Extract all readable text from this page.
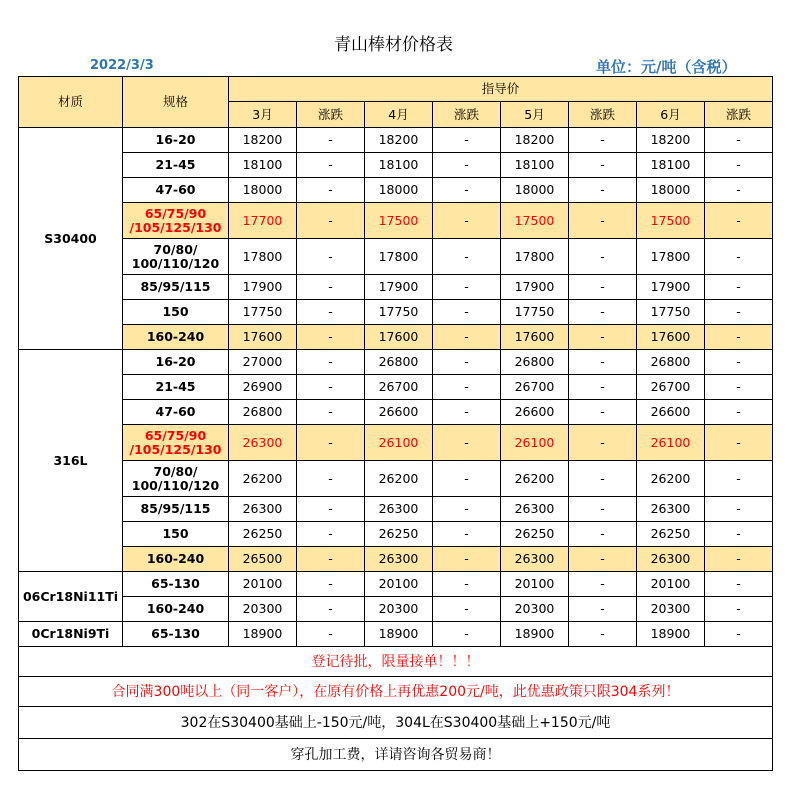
青山棒材价格表
2022/3/3	单位：元/吨（含税）
材质	规格	指导价							
		3月	涨跌	4月	涨跌	5月	涨跌	6月	涨跌
S30400	16-20	18200	-	18200	-	18200	-	18200	-
	21-45	18100	-	18100	-	18100	-	18100	-
	47-60	18000	-	18000	-	18000	-	18000	-
	65/75/90 /105/125/130	17700	-	17500	-	17500	-	17500	-
	70/80/ 100/110/120	17800	-	17800	-	17800	-	17800	-
	85/95/115	17900	-	17900	-	17900	-	17900	-
	150	17750	-	17750	-	17750	-	17750	-
	160-240	17600	-	17600	-	17600	-	17600	-
316L	16-20	27000	-	26800	-	26800	-	26800	-
	21-45	26900	-	26700	-	26700	-	26700	-
	47-60	26800	-	26600	-	26600	-	26600	-
	65/75/90 /105/125/130	26300	-	26100	-	26100	-	26100	-
	70/80/ 100/110/120	26200	-	26200	-	26200	-	26200	-
	85/95/115	26300	-	26300	-	26300	-	26300	-
	150	26250	-	26250	-	26250	-	26250	-
	160-240	26500	-	26300	-	26300	-	26300	-
06Cr18Ni11Ti	65-130	20100	-	20100	-	20100	-	20100	-
	160-240	20300	-	20300	-	20300	-	20300	-
0Cr18Ni9Ti	65-130	18900	-	18900	-	18900	-	18900	-
登记待批，限量接单！！！									
合同满300吨以上（同一客户），在原有价格上再优惠200元/吨，此优惠政策只限304系列！									
302在S30400基础上-150元/吨，304L在S30400基础上+150元/吨									
穿孔加工费，详请咨询各贸易商！									
